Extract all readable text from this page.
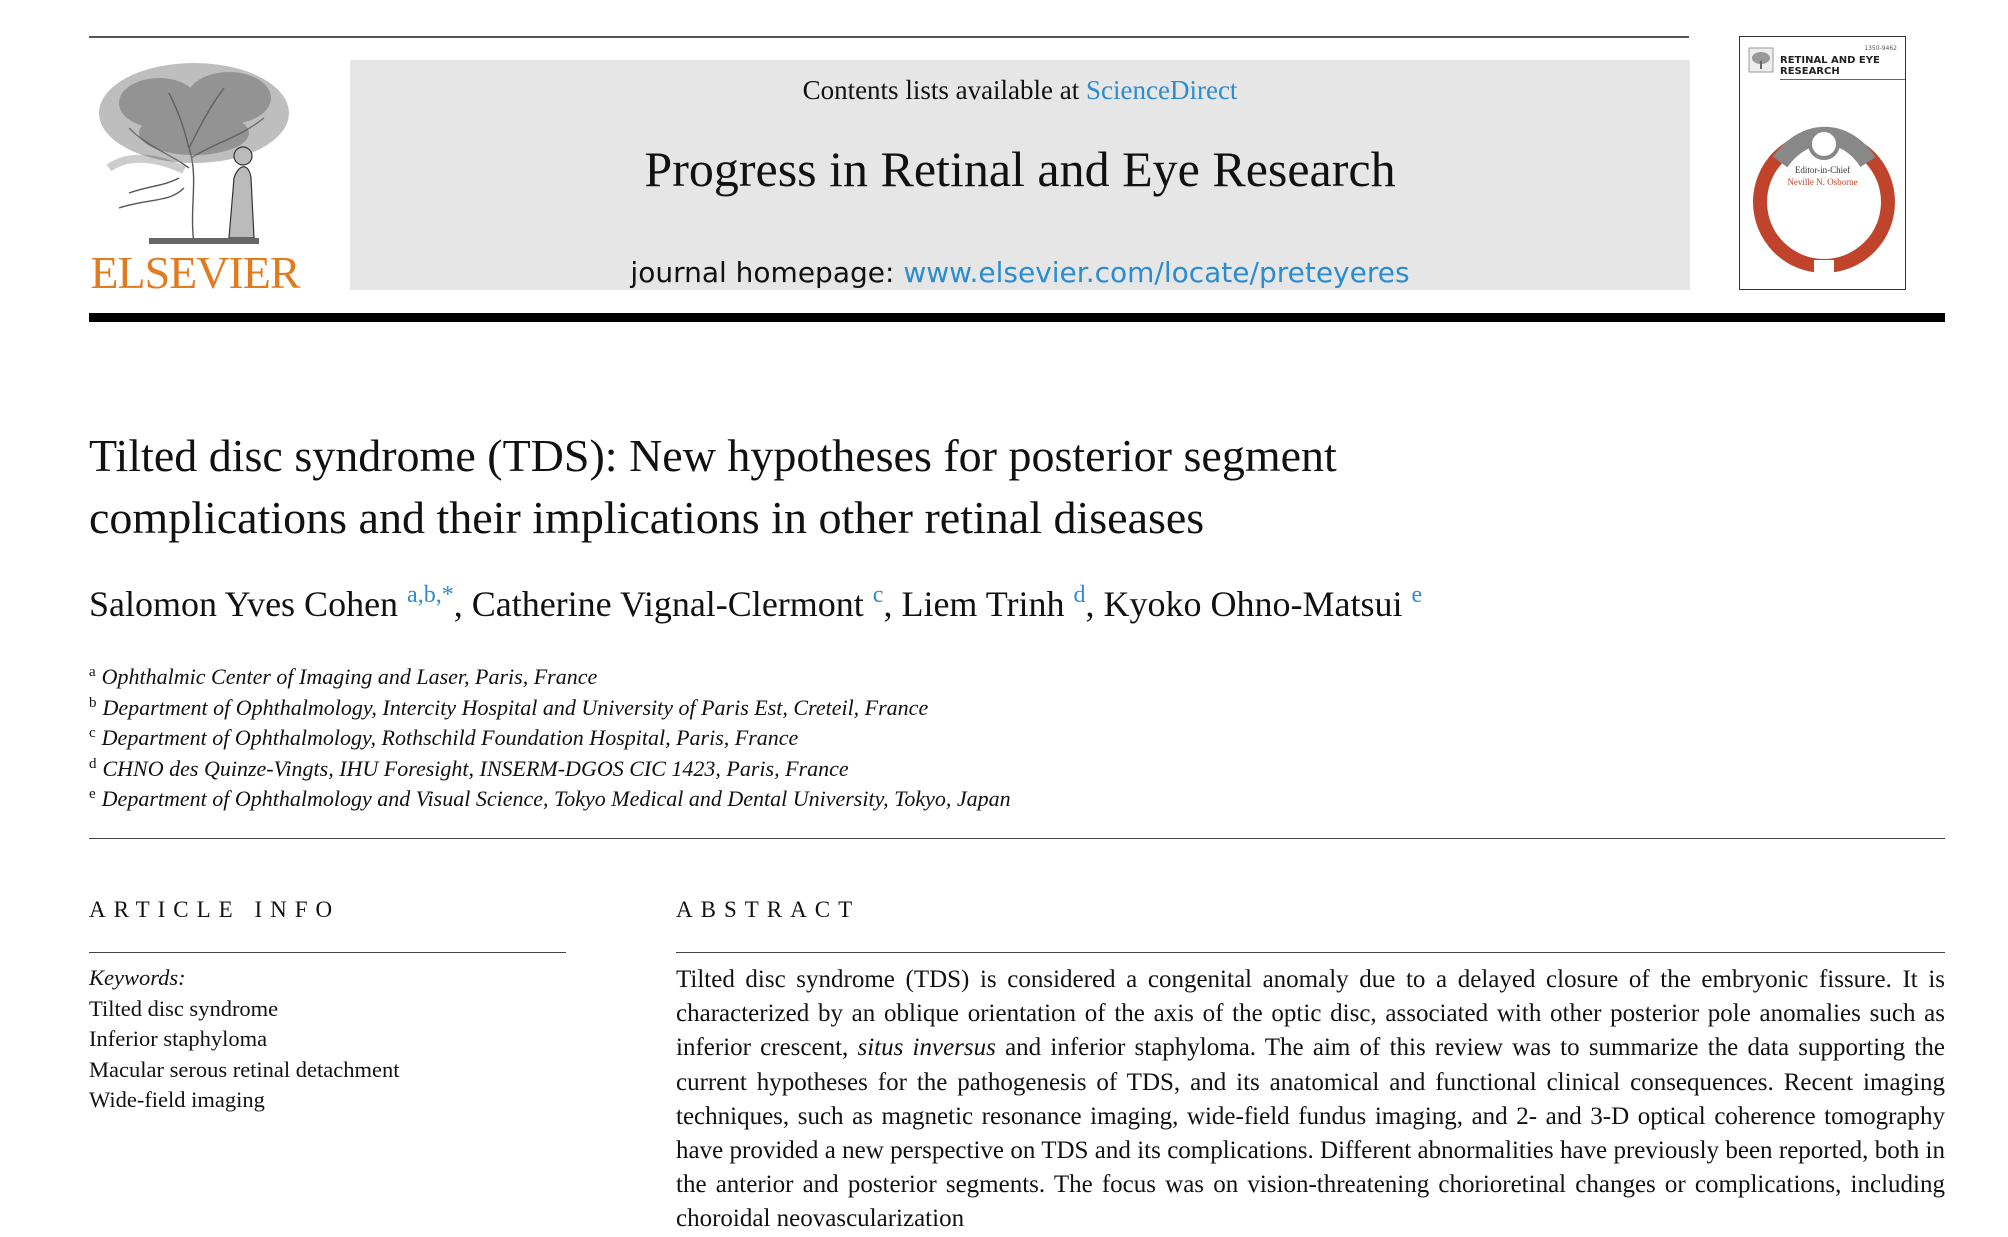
ELSEVIER
Contents lists available at ScienceDirect
Progress in Retinal and Eye Research
journal homepage: www.elsevier.com/locate/preteyeres
1350-9462
RETINAL AND EYE RESEARCH
Editor-in-Chief
Neville N. Osborne
Tilted disc syndrome (TDS): New hypotheses for posterior segment
complications and their implications in other retinal diseases
Salomon Yves Cohen $^{a,b,*}$, Catherine Vignal-Clermont $^c$, Liem Trinh $^d$, Kyoko Ohno-Matsui $^e$
$^a$ Ophthalmic Center of Imaging and Laser, Paris, France
$^b$ Department of Ophthalmology, Intercity Hospital and University of Paris Est, Creteil, France
$^c$ Department of Ophthalmology, Rothschild Foundation Hospital, Paris, France
$^d$ CHNO des Quinze-Vingts, IHU Foresight, INSERM-DGOS CIC 1423, Paris, France
$^e$ Department of Ophthalmology and Visual Science, Tokyo Medical and Dental University, Tokyo, Japan
ARTICLE INFO
Keywords:
Tilted disc syndrome
Inferior staphyloma
Macular serous retinal detachment
Wide-field imaging
ABSTRACT
Tilted disc syndrome (TDS) is considered a congenital anomaly due to a delayed closure of the embryonic fissure. It is characterized by an oblique orientation of the axis of the optic disc, associated with other posterior pole anomalies such as inferior crescent, situs inversus and inferior staphyloma. The aim of this review was to summarize the data supporting the current hypotheses for the pathogenesis of TDS, and its anatomical and functional clinical consequences. Recent imaging techniques, such as magnetic resonance imaging, wide-field fundus imaging, and 2- and 3-D optical coherence tomography have provided a new perspective on TDS and its complications. Different abnormalities have previously been reported, both in the anterior and posterior segments. The focus was on vision-threatening chorioretinal changes or complications, including choroidal neovascularization
